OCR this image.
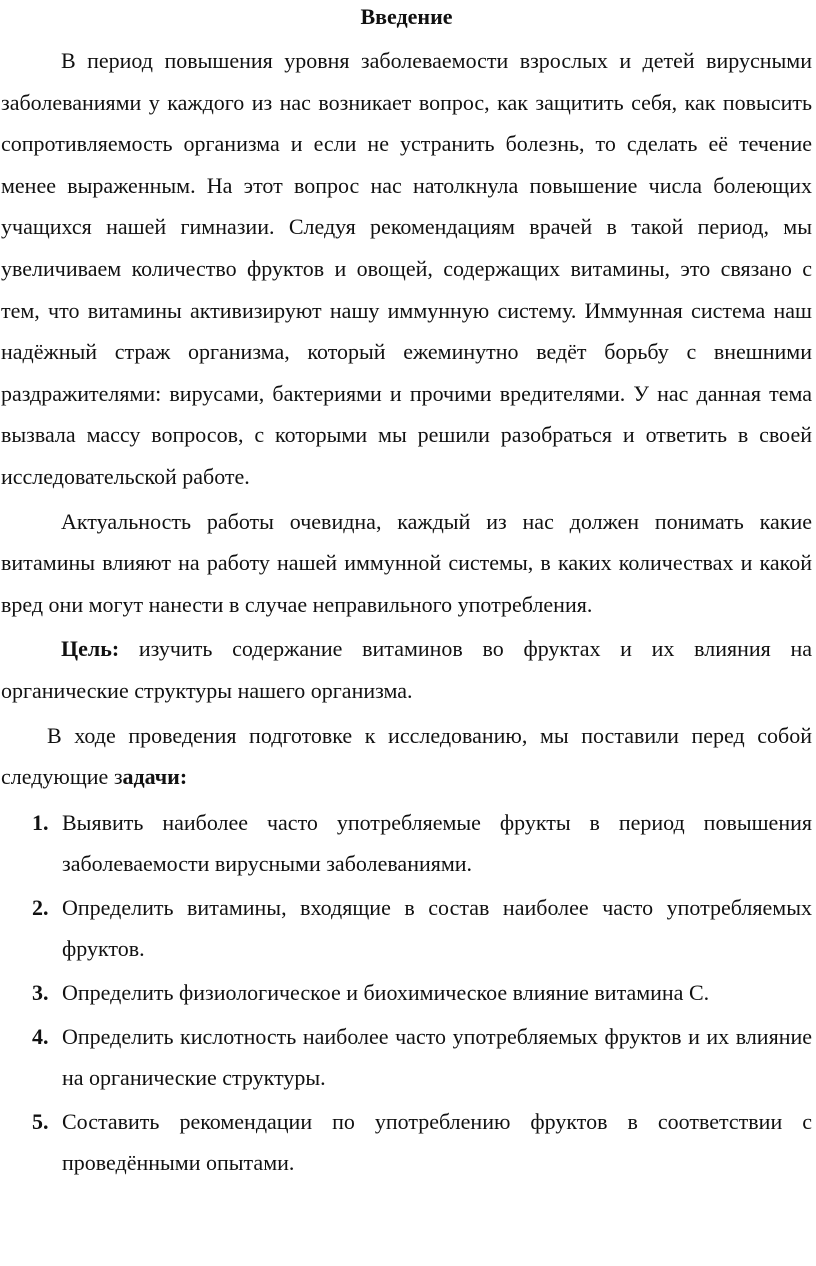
Введение

В период повышения уровня заболеваемости взрослых и детей вирусными заболеваниями у каждого из нас возникает вопрос, как защитить себя, как повысить сопротивляемость организма и если не устранить болезнь, то сделать её течение менее выраженным. На этот вопрос нас натолкнула повышение числа болеющих учащихся нашей гимназии. Следуя рекомендациям врачей в такой период, мы увеличиваем количество фруктов и овощей, содержащих витамины, это связано с тем, что витамины активизируют нашу иммунную систему. Иммунная система наш надёжный страж организма, который ежеминутно ведёт борьбу с внешними раздражителями: вирусами, бактериями и прочими вредителями. У нас данная тема вызвала массу вопросов, с которыми мы решили разобраться и ответить в своей исследовательской работе.

Актуальность работы очевидна, каждый из нас должен понимать какие витамины влияют на работу нашей иммунной системы, в каких количествах и какой вред они могут нанести в случае неправильного употребления.

Цель: изучить содержание витаминов во фруктах и их влияния на органические структуры нашего организма.

В ходе проведения подготовке к исследованию, мы поставили перед собой следующие задачи:

1. Выявить наиболее часто употребляемые фрукты в период повышения заболеваемости вирусными заболеваниями.
2. Определить витамины, входящие в состав наиболее часто употребляемых фруктов.
3. Определить физиологическое и биохимическое влияние витамина С.
4. Определить кислотность наиболее часто употребляемых фруктов и их влияние на органические структуры.
5. Составить рекомендации по употреблению фруктов в соответствии с проведёнными опытами.
